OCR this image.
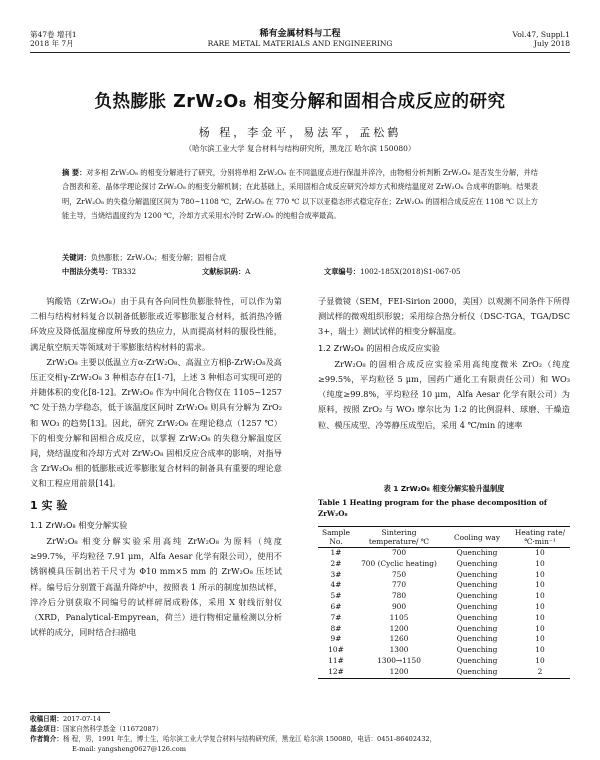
第47卷 增刊1
2018 年 7月
稀有金属材料与工程
RARE METAL MATERIALS AND ENGINEERING
Vol.47, Suppl.1
July 2018
负热膨胀 ZrW₂O₈ 相变分解和固相合成反应的研究
杨 程，李金平，易法军，孟松鹤
（哈尔滨工业大学 复合材料与结构研究所，黑龙江 哈尔滨 150080）
摘 要：对多相 ZrW₂O₈ 的相变分解进行了研究，分别将单相 ZrW₂O₈ 在不同温度点进行保温并淬冷，由物相分析判断 ZrW₂O₈ 是否发生分解，并结合图表和差、晶体学理论探讨 ZrW₂O₈ 的相变分解机制；在此基础上，采用固相合成反应研究冷却方式和烧结温度对 ZrW₂O₈ 合成率的影响。结果表明，ZrW₂O₈ 的失稳分解温度区间为 780~1108 ℃，ZrW₂O₈ 在 770 ℃ 以下以亚稳态形式稳定存在；ZrW₂O₈ 的固相合成反应在 1108 ℃ 以上方能主导，当烧结温度约为 1200 ℃，冷却方式采用水冷时 ZrW₂O₈ 的纯相合成率最高。
关键词：负热膨胀；ZrW₂O₈；相变分解；固相合成
中图法分类号： TB332	文献标识码： A	文章编号： 1002-185X(2018)S1-067-05

钨酸锆（ZrW₂O₈）由于具有各向同性负膨胀特性，可以作为第二相与结构材料复合以制备低膨胀或近零膨胀复合材料，抵消热冷循环效应及降低温度梯度所导致的热应力，从而提高材料的服役性能，满足航空航天等领域对于零膨胀结构材料的需求。

ZrW₂O₈ 主要以低温立方α-ZrW₂O₈、高温立方相β-ZrW₂O₈及高压正交相γ-ZrW₂O₈ 3 种相态存在[1-7]，上述 3 种相态可实现可逆的并随体积的变化[8-12]。ZrW₂O₈ 作为中间化合物仅在 1105~1257 ℃ 处于热力学稳态，低于该温度区间时 ZrW₂O₈ 则具有分解为 ZrO₂ 和 WO₃ 的趋势[13]。因此，研究 ZrW₂O₈ 在理论稳点（1257 ℃）下的相变分解和固相合成反应，以掌握 ZrW₂O₈ 的失稳分解温度区间，烧结温度和冷却方式对 ZrW₂O₈ 固相反应合成率的影响，对指导含 ZrW₂O₈ 相的低膨胀或近零膨胀复合材料的制备具有重要的理论意义和工程应用前景[14]。

1 实 验

1.1 ZrW₂O₈ 相变分解实验

ZrW₂O₈ 相变分解实验采用高纯 ZrW₂O₈ 为原料（纯度≥99.7%，平均粒径 7.91 μm，Alfa Aesar 化学有限公司），使用不锈钢模具压制出若干尺寸为 Φ10 mm×5 mm 的 ZrW₂O₈ 压坯试样。编号后分别置于高温升降炉中，按照表 1 所示的制度加热试样，淬冷后分别获取不同编号的试样碎屑成粉体，采用 X 射线衍射仪（XRD，Panalytical-Empyrean，荷兰）进行物相定量检测以分析试样的成分，同时结合扫描电

子显微镜（SEM，FEI-Sirion 2000，美国）以观测不同条件下所得测试样的微观组织形貌；采用综合热分析仪（DSC-TGA，TGA/DSC 3+，瑞士）测试试样的相变分解温度。

1.2 ZrW₂O₈ 的固相合成反应实验

ZrW₂O₈ 的固相合成反应实验采用高纯度微米 ZrO₂（纯度≥99.5%，平均粒径 5 μm，国药广通化工有限责任公司）和 WO₃（纯度≥99.8%，平均粒径 10 μm，Alfa Aesar 化学有限公司）为原料，按照 ZrO₂ 与 WO₃ 摩尔比为 1:2 的比例混料、球磨、干燥造粒、模压成型、冷等静压成型后，采用 4 ℃/min 的速率

表 1 ZrW₂O₈ 相变分解实验升温制度
Table 1 Heating program for the phase decomposition of ZrW₂O₈
Sample No.	Sintering temperature/ ℃	Cooling way	Heating rate/℃·min⁻¹
1#	700	Quenching	10
2#	700 (Cyclic heating)	Quenching	10
3#	750	Quenching	10
4#	770	Quenching	10
5#	780	Quenching	10
6#	900	Quenching	10
7#	1105	Quenching	10
8#	1200	Quenching	10
9#	1260	Quenching	10
10#	1300	Quenching	10
11#	1300→1150	Quenching	10
12#	1200	Quenching	2
收稿日期：2017-07-14
基金项目：国家自然科学基金（11672087）
作者简介：杨 程，男，1991 年生，博士生，哈尔滨工业大学复合材料与结构研究所，黑龙江 哈尔滨 150080，电话：0451-86402432，
E-mail: yangsheng0627@126.com
